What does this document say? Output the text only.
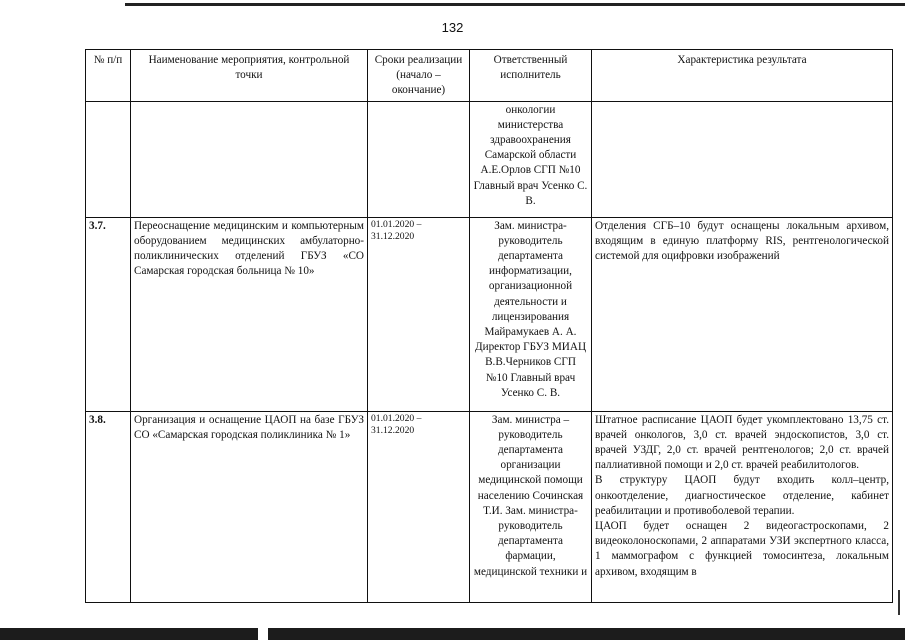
132
№ п/п	Наименование мероприятия, контрольной точки	Сроки реализации (начало – окончание)	Ответственный исполнитель	Характеристика результата
			онкологии министерства здравоохранения Самарской области А.Е.Орлов СГП №10 Главный врач Усенко С. В.	
3.7.	Переоснащение медицинским и компьютерным оборудованием медицинских амбулаторно-поликлинических отделений ГБУЗ «СО Самарская городская больница № 10»	01.01.2020 – 31.12.2020	Зам. министра-руководитель департамента информатизации, организационной деятельности и лицензирования Майрамукаев А. А. Директор ГБУЗ МИАЦ В.В.Черников СГП №10 Главный врач Усенко С. В.	Отделения СГБ–10 будут оснащены локальным архивом, входящим в единую платформу RIS, рентгенологической системой для оцифровки изображений
3.8.	Организация и оснащение ЦАОП на базе ГБУЗ СО «Самарская городская поликлиника № 1»	01.01.2020 – 31.12.2020	Зам. министра – руководитель департамента организации медицинской помощи населению Сочинская Т.И. Зам. министра-руководитель департамента фармации, медицинской техники и	Штатное расписание ЦАОП будет укомплектовано 13,75 ст. врачей онкологов, 3,0 ст. врачей эндоскопистов, 3,0 ст. врачей УЗДГ, 2,0 ст. врачей рентгенологов; 2,0 ст. врачей паллиативной помощи и 2,0 ст. врачей реабилитологов.
В структуру ЦАОП будут входить колл–центр, онкоотделение, диагностическое отделение, кабинет реабилитации и противоболевой терапии.
ЦАОП будет оснащен 2 видеогастроскопами, 2 видеоколоноскопами, 2 аппаратами УЗИ экспертного класса, 1 маммографом с функцией томосинтеза, локальным архивом, входящим в
